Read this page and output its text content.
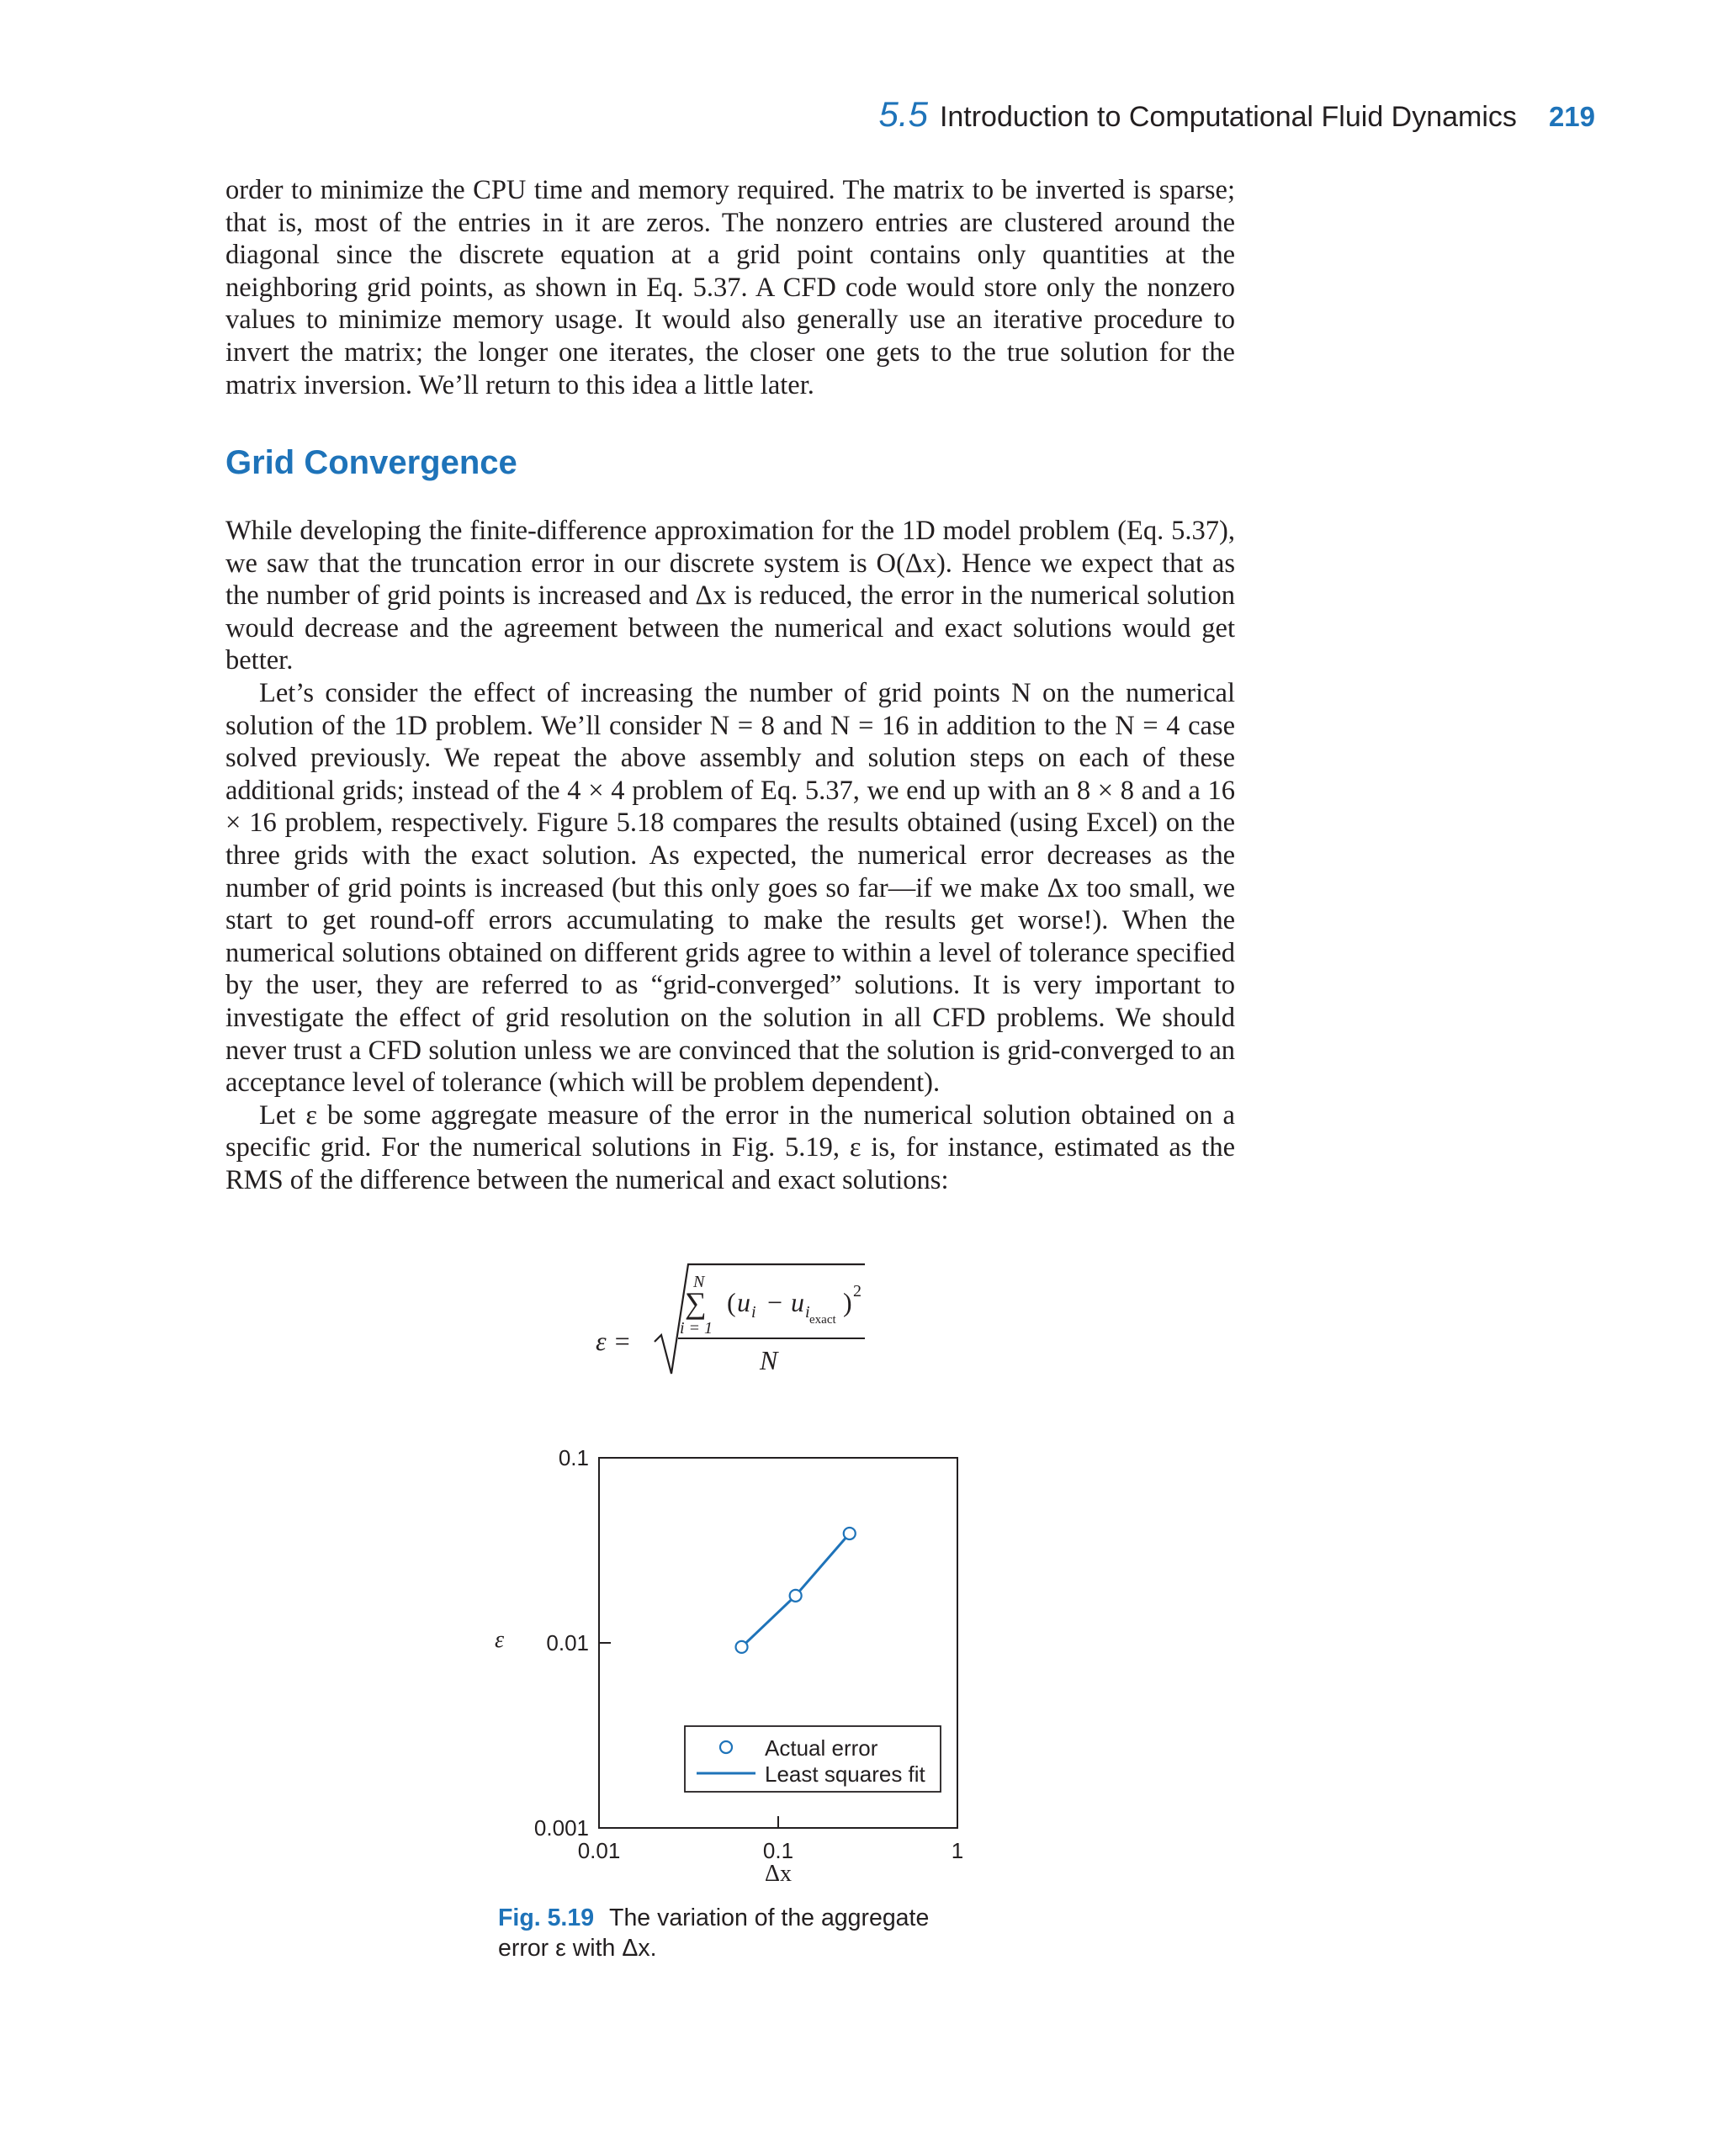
5.5 Introduction to Computational Fluid Dynamics 219

order to minimize the CPU time and memory required. The matrix to be inverted is sparse; that is, most of the entries in it are zeros. The nonzero entries are clustered around the diagonal since the discrete equation at a grid point contains only quantities at the neighboring grid points, as shown in Eq. 5.37. A CFD code would store only the nonzero values to minimize memory usage. It would also generally use an iterative procedure to invert the matrix; the longer one iterates, the closer one gets to the true solution for the matrix inversion. We’ll return to this idea a little later.

Grid Convergence

While developing the finite-difference approximation for the 1D model problem (Eq. 5.37), we saw that the truncation error in our discrete system is O(Δx). Hence we expect that as the number of grid points is increased and Δx is reduced, the error in the numerical solution would decrease and the agreement between the numerical and exact solutions would get better.

Let’s consider the effect of increasing the number of grid points N on the numerical solution of the 1D problem. We’ll consider N = 8 and N = 16 in addition to the N = 4 case solved previously. We repeat the above assembly and solution steps on each of these additional grids; instead of the 4 × 4 problem of Eq. 5.37, we end up with an 8 × 8 and a 16 × 16 problem, respectively. Figure 5.18 compares the results obtained (using Excel) on the three grids with the exact solution. As expected, the numerical error decreases as the number of grid points is increased (but this only goes so far—if we make Δx too small, we start to get round-off errors accumulating to make the results get worse!). When the numerical solutions obtained on different grids agree to within a level of tolerance specified by the user, they are referred to as “grid-converged” solutions. It is very important to investigate the effect of grid resolution on the solution in all CFD problems. We should never trust a CFD solution unless we are convinced that the solution is grid-converged to an acceptance level of tolerance (which will be problem dependent).

Let ε be some aggregate measure of the error in the numerical solution obtained on a specific grid. For the numerical solutions in Fig. 5.19, ε is, for instance, estimated as the RMS of the difference between the numerical and exact solutions:

ε =
N
∑
i = 1
( u i − u i exact
) 2
N
ε
Δx
0.01	0.1	1
0.1
0.01
0.001
Actual error
Least squares fit
Fig. 5.19 The variation of the aggregate error ε with Δx.
